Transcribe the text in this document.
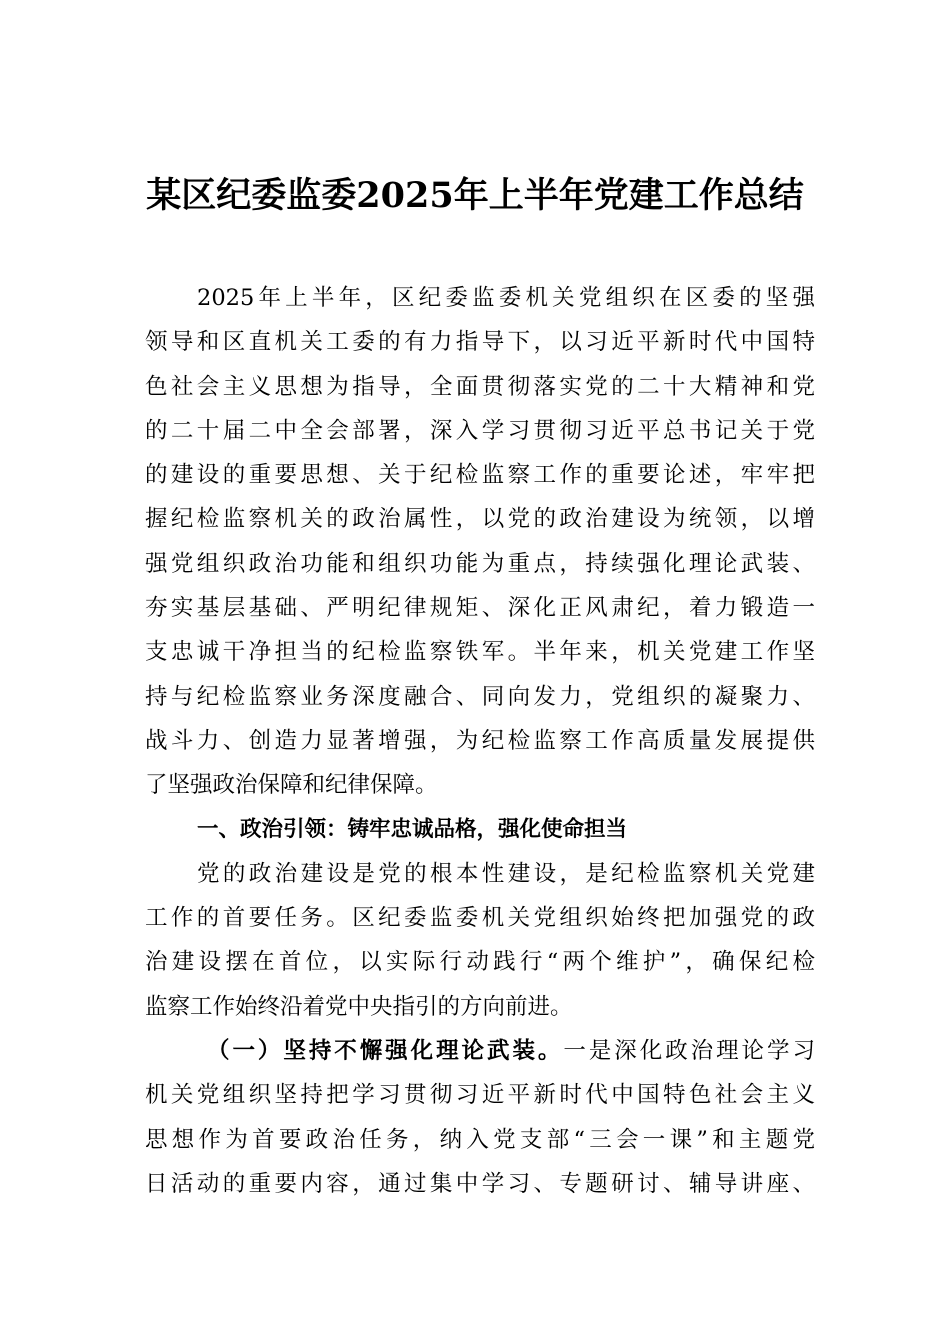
某区纪委监委2025年上半年党建工作总结
2025年上半年，区纪委监委机关党组织在区委的坚强
领导和区直机关工委的有力指导下，以习近平新时代中国特
色社会主义思想为指导，全面贯彻落实党的二十大精神和党
的二十届二中全会部署，深入学习贯彻习近平总书记关于党
的建设的重要思想、关于纪检监察工作的重要论述，牢牢把
握纪检监察机关的政治属性，以党的政治建设为统领，以增
强党组织政治功能和组织功能为重点，持续强化理论武装、
夯实基层基础、严明纪律规矩、深化正风肃纪，着力锻造一
支忠诚干净担当的纪检监察铁军。半年来，机关党建工作坚
持与纪检监察业务深度融合、同向发力，党组织的凝聚力、
战斗力、创造力显著增强，为纪检监察工作高质量发展提供
了坚强政治保障和纪律保障。
一、政治引领：铸牢忠诚品格，强化使命担当
党的政治建设是党的根本性建设，是纪检监察机关党建
工作的首要任务。区纪委监委机关党组织始终把加强党的政
治建设摆在首位，以实际行动践行“两个维护”，确保纪检
监察工作始终沿着党中央指引的方向前进。
（一）坚持不懈强化理论武装。一是深化政治理论学习
机关党组织坚持把学习贯彻习近平新时代中国特色社会主义
思想作为首要政治任务，纳入党支部“三会一课”和主题党
日活动的重要内容，通过集中学习、专题研讨、辅导讲座、
